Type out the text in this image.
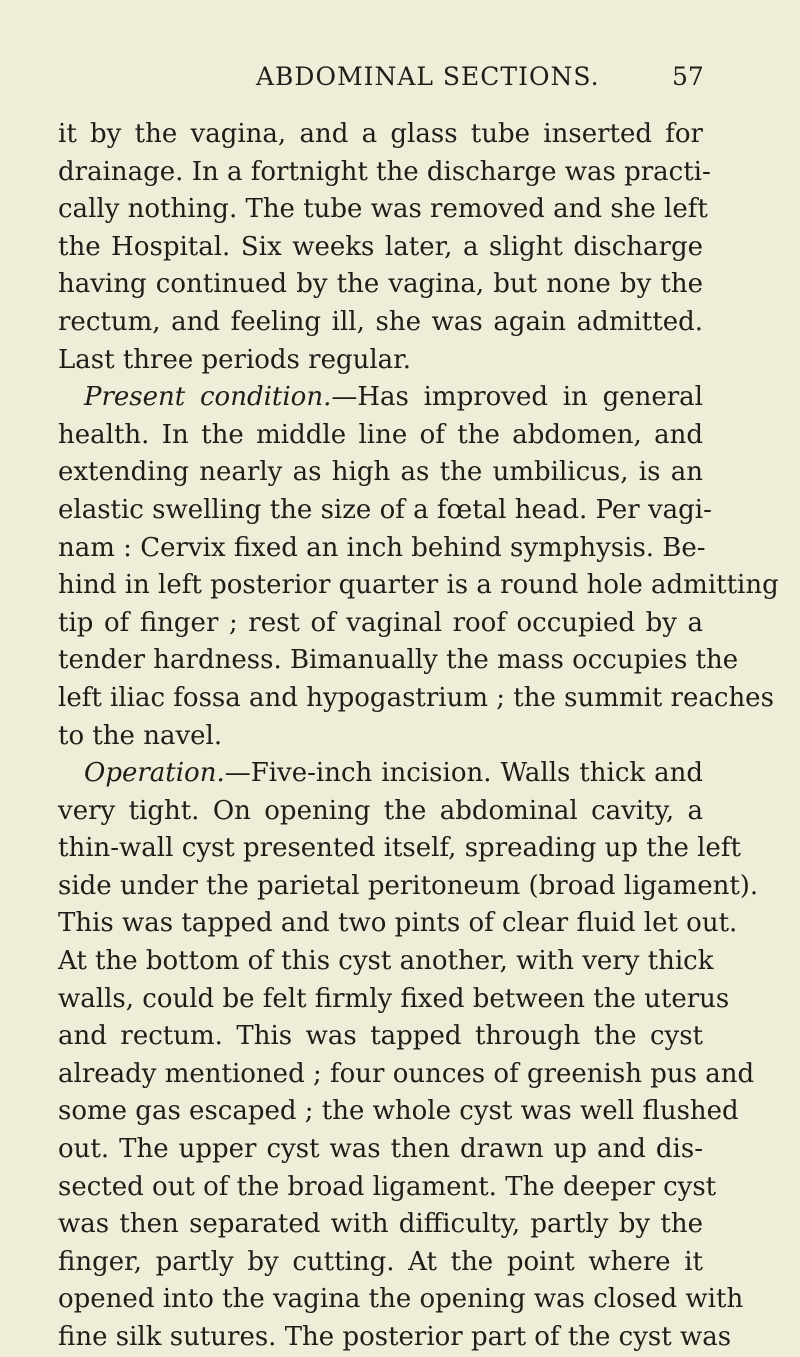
ABDOMINAL SECTIONS.	57
it by the vagina, and a glass tube inserted for
drainage. In a fortnight the discharge was practi-
cally nothing. The tube was removed and she left
the Hospital. Six weeks later, a slight discharge
having continued by the vagina, but none by the
rectum, and feeling ill, she was again admitted.
Last three periods regular.
Present condition.—Has improved in general
health. In the middle line of the abdomen, and
extending nearly as high as the umbilicus, is an
elastic swelling the size of a fœtal head. Per vagi-
nam : Cervix fixed an inch behind symphysis. Be-
hind in left posterior quarter is a round hole admitting
tip of finger ; rest of vaginal roof occupied by a
tender hardness. Bimanually the mass occupies the
left iliac fossa and hypogastrium ; the summit reaches
to the navel.
Operation.—Five-inch incision. Walls thick and
very tight. On opening the abdominal cavity, a
thin-wall cyst presented itself, spreading up the left
side under the parietal peritoneum (broad ligament).
This was tapped and two pints of clear fluid let out.
At the bottom of this cyst another, with very thick
walls, could be felt firmly fixed between the uterus
and rectum. This was tapped through the cyst
already mentioned ; four ounces of greenish pus and
some gas escaped ; the whole cyst was well flushed
out. The upper cyst was then drawn up and dis-
sected out of the broad ligament. The deeper cyst
was then separated with difficulty, partly by the
finger, partly by cutting. At the point where it
opened into the vagina the opening was closed with
fine silk sutures. The posterior part of the cyst was
